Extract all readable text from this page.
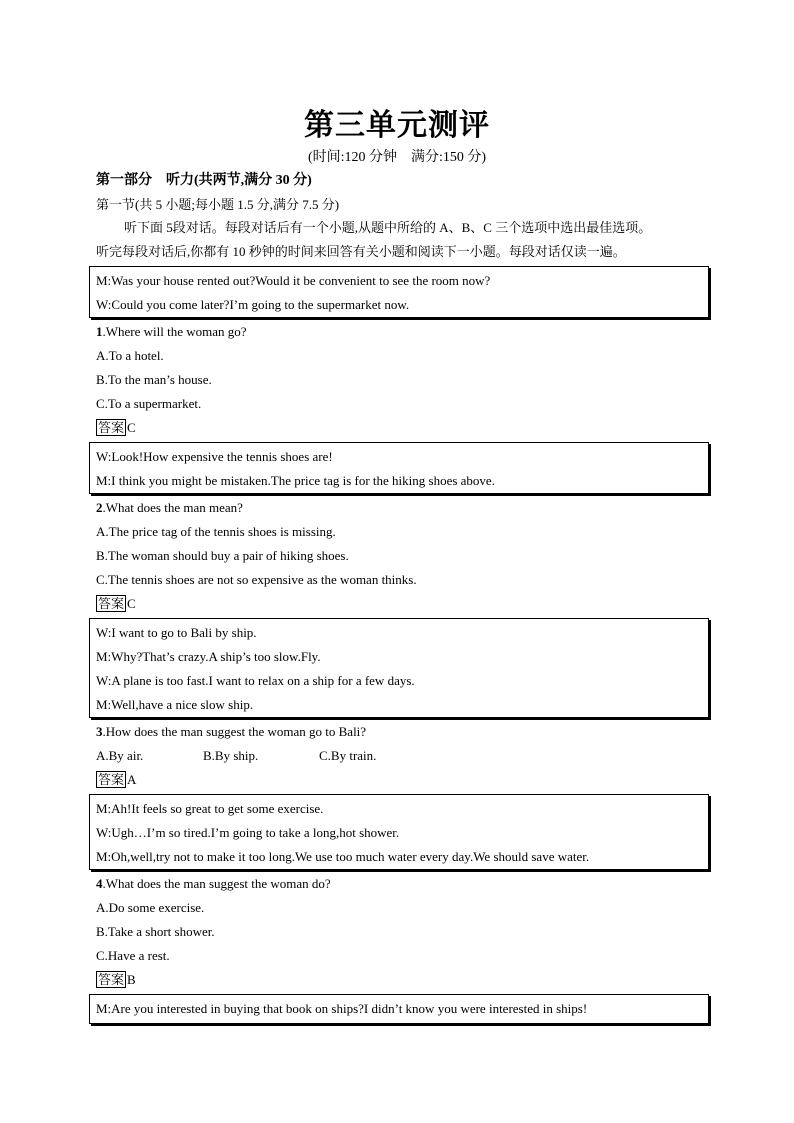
第三单元测评
(时间:120 分钟　满分:150 分)
第一部分　听力(共两节,满分 30 分)
第一节(共 5 小题;每小题 1.5 分,满分 7.5 分)
听下面 5段对话。每段对话后有一个小题,从题中所给的 A、B、C 三个选项中选出最佳选项。
听完每段对话后,你都有 10 秒钟的时间来回答有关小题和阅读下一小题。每段对话仅读一遍。
M:Was your house rented out?Would it be convenient to see the room now?
W:Could you come later?I’m going to the supermarket now.
1.Where will the woman go?
A.To a hotel.
B.To the man’s house.
C.To a supermarket.
答案 C
W:Look!How expensive the tennis shoes are!
M:I think you might be mistaken.The price tag is for the hiking shoes above.
2.What does the man mean?
A.The price tag of the tennis shoes is missing.
B.The woman should buy a pair of hiking shoes.
C.The tennis shoes are not so expensive as the woman thinks.
答案 C
W:I want to go to Bali by ship.
M:Why?That’s crazy.A ship’s too slow.Fly.
W:A plane is too fast.I want to relax on a ship for a few days.
M:Well,have a nice slow ship.
3.How does the man suggest the woman go to Bali?
A.By air.	B.By ship.	C.By train.
答案 A
M:Ah!It feels so great to get some exercise.
W:Ugh…I’m so tired.I’m going to take a long,hot shower.
M:Oh,well,try not to make it too long.We use too much water every day.We should save water.
4.What does the man suggest the woman do?
A.Do some exercise.
B.Take a short shower.
C.Have a rest.
答案 B
M:Are you interested in buying that book on ships?I didn’t know you were interested in ships!
